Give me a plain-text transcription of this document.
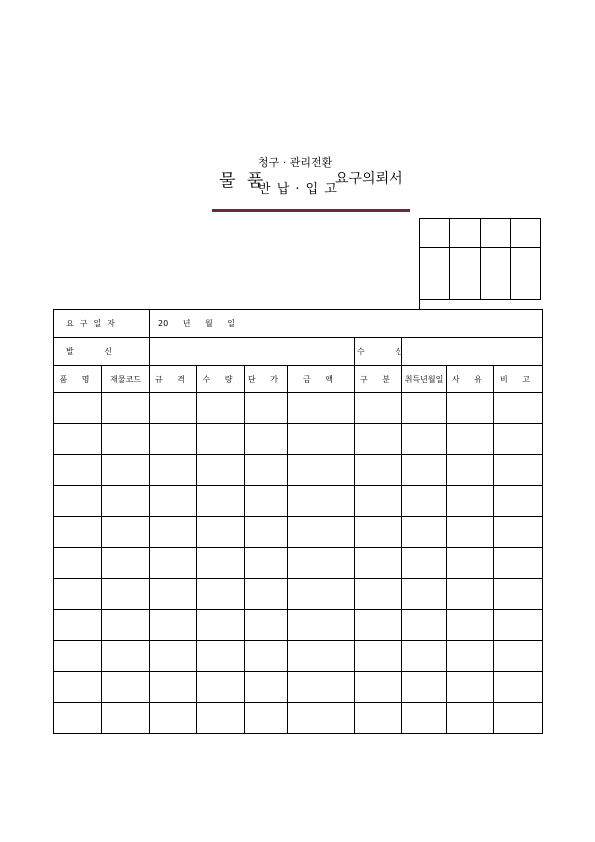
물 품
청구 · 관리전환
반 납 · 입 고
요구의뢰서

요구일자		20 년 월 일							
발 신						수 신			
품 명	재물코드	규 격	수 량	단 가	금 액	구 분	취득년월일	사 유	비 고
